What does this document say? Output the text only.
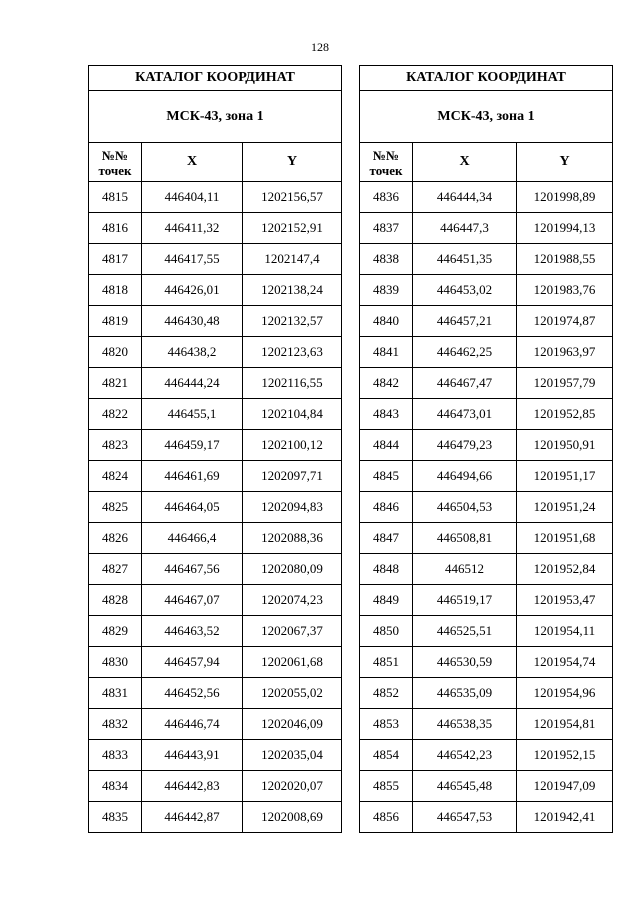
128
КАТАЛОГ КООРДИНАТ		
МСК-43, зона 1		

№№
точек	X	Y
4815	446404,11	1202156,57
4816	446411,32	1202152,91
4817	446417,55	1202147,4
4818	446426,01	1202138,24
4819	446430,48	1202132,57
4820	446438,2	1202123,63
4821	446444,24	1202116,55
4822	446455,1	1202104,84
4823	446459,17	1202100,12
4824	446461,69	1202097,71
4825	446464,05	1202094,83
4826	446466,4	1202088,36
4827	446467,56	1202080,09
4828	446467,07	1202074,23
4829	446463,52	1202067,37
4830	446457,94	1202061,68
4831	446452,56	1202055,02
4832	446446,74	1202046,09
4833	446443,91	1202035,04
4834	446442,83	1202020,07
4835	446442,87	1202008,69
КАТАЛОГ КООРДИНАТ		
МСК-43, зона 1		

№№
точек	X	Y
4836	446444,34	1201998,89
4837	446447,3	1201994,13
4838	446451,35	1201988,55
4839	446453,02	1201983,76
4840	446457,21	1201974,87
4841	446462,25	1201963,97
4842	446467,47	1201957,79
4843	446473,01	1201952,85
4844	446479,23	1201950,91
4845	446494,66	1201951,17
4846	446504,53	1201951,24
4847	446508,81	1201951,68
4848	446512	1201952,84
4849	446519,17	1201953,47
4850	446525,51	1201954,11
4851	446530,59	1201954,74
4852	446535,09	1201954,96
4853	446538,35	1201954,81
4854	446542,23	1201952,15
4855	446545,48	1201947,09
4856	446547,53	1201942,41
